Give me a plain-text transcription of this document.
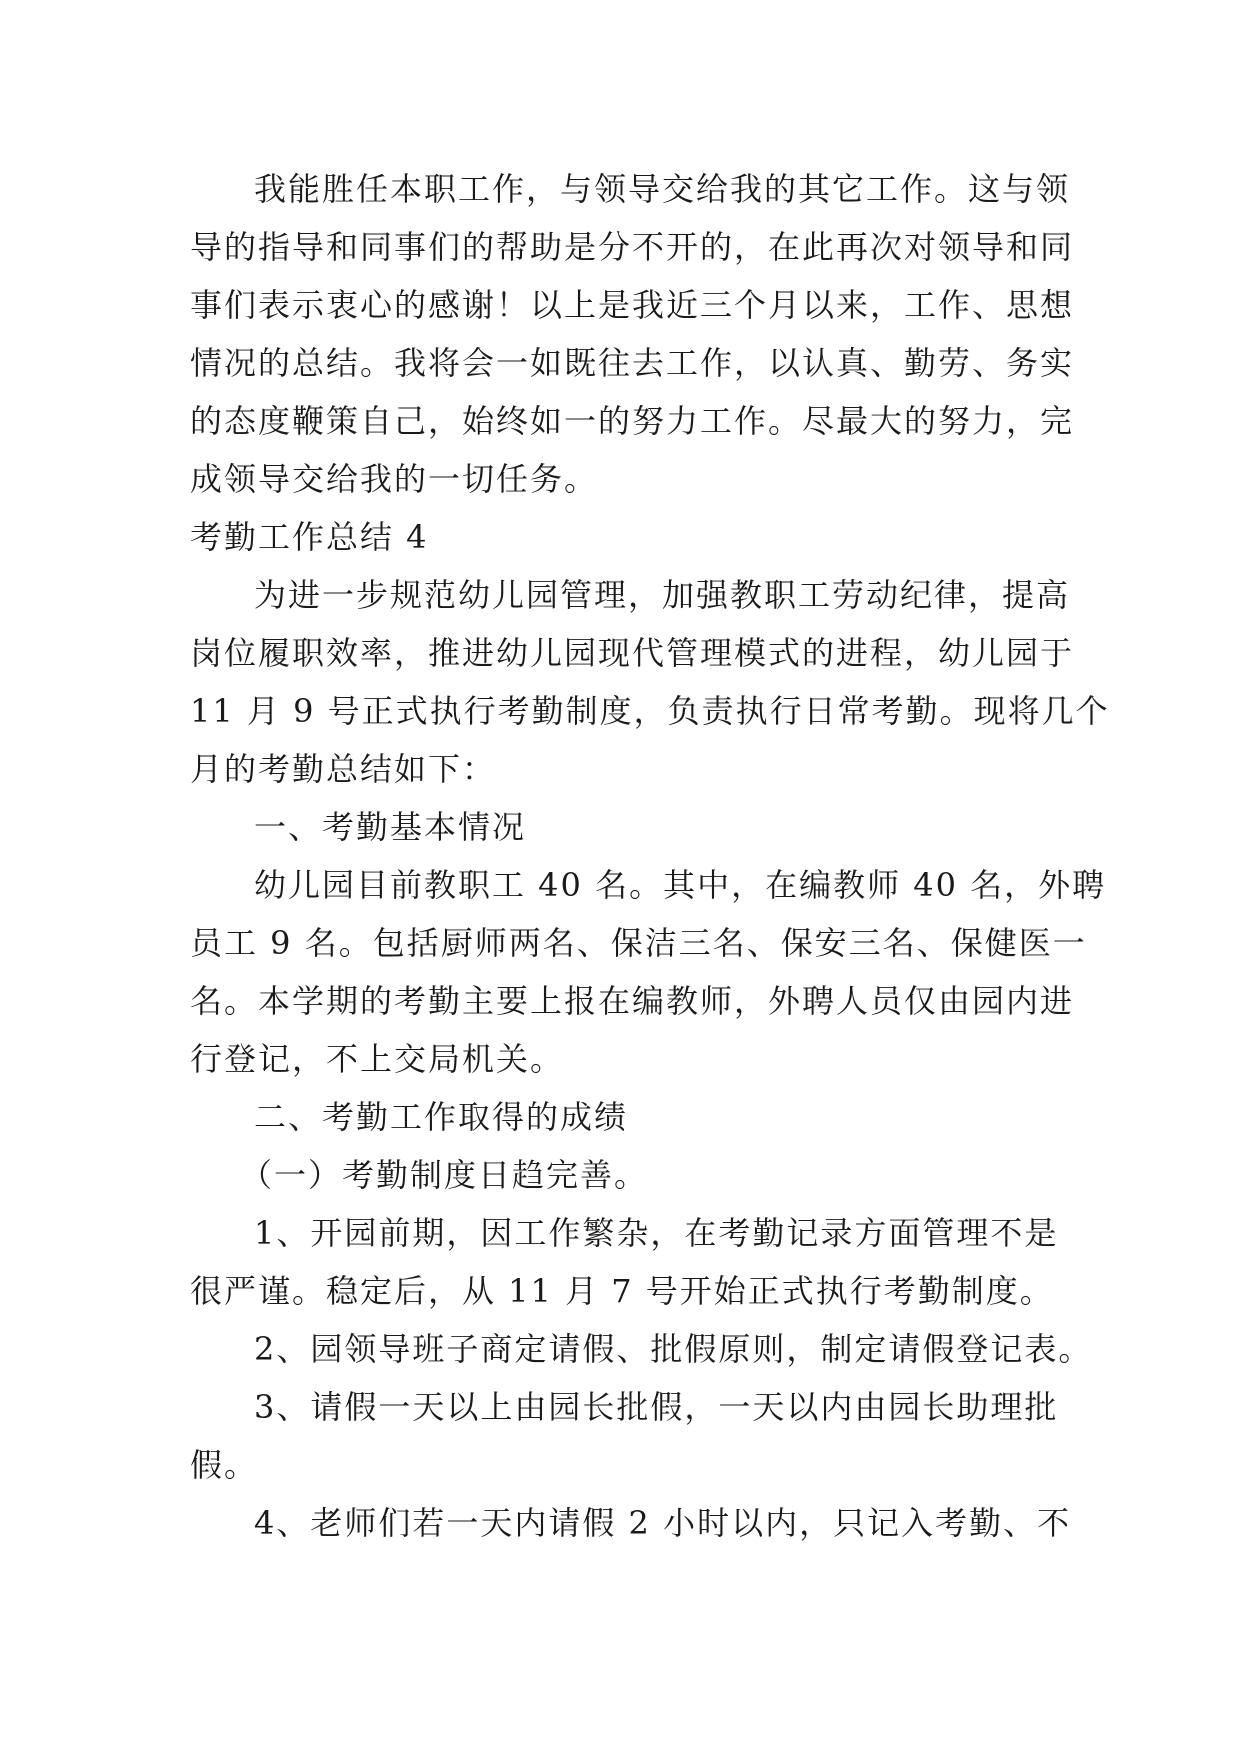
我能胜任本职工作，与领导交给我的其它工作。这与领
导的指导和同事们的帮助是分不开的，在此再次对领导和同
事们表示衷心的感谢！以上是我近三个月以来，工作、思想
情况的总结。我将会一如既往去工作，以认真、勤劳、务实
的态度鞭策自己，始终如一的努力工作。尽最大的努力，完
成领导交给我的一切任务。
考勤工作总结 4
为进一步规范幼儿园管理，加强教职工劳动纪律，提高
岗位履职效率，推进幼儿园现代管理模式的进程，幼儿园于
11 月 9 号正式执行考勤制度，负责执行日常考勤。现将几个
月的考勤总结如下：
一、考勤基本情况
幼儿园目前教职工 40 名。其中，在编教师 40 名，外聘
员工 9 名。包括厨师两名、保洁三名、保安三名、保健医一
名。本学期的考勤主要上报在编教师，外聘人员仅由园内进
行登记，不上交局机关。
二、考勤工作取得的成绩
（一）考勤制度日趋完善。
1、开园前期，因工作繁杂，在考勤记录方面管理不是
很严谨。稳定后，从 11 月 7 号开始正式执行考勤制度。
2、园领导班子商定请假、批假原则，制定请假登记表。
3、请假一天以上由园长批假，一天以内由园长助理批
假。
4、老师们若一天内请假 2 小时以内，只记入考勤、不
